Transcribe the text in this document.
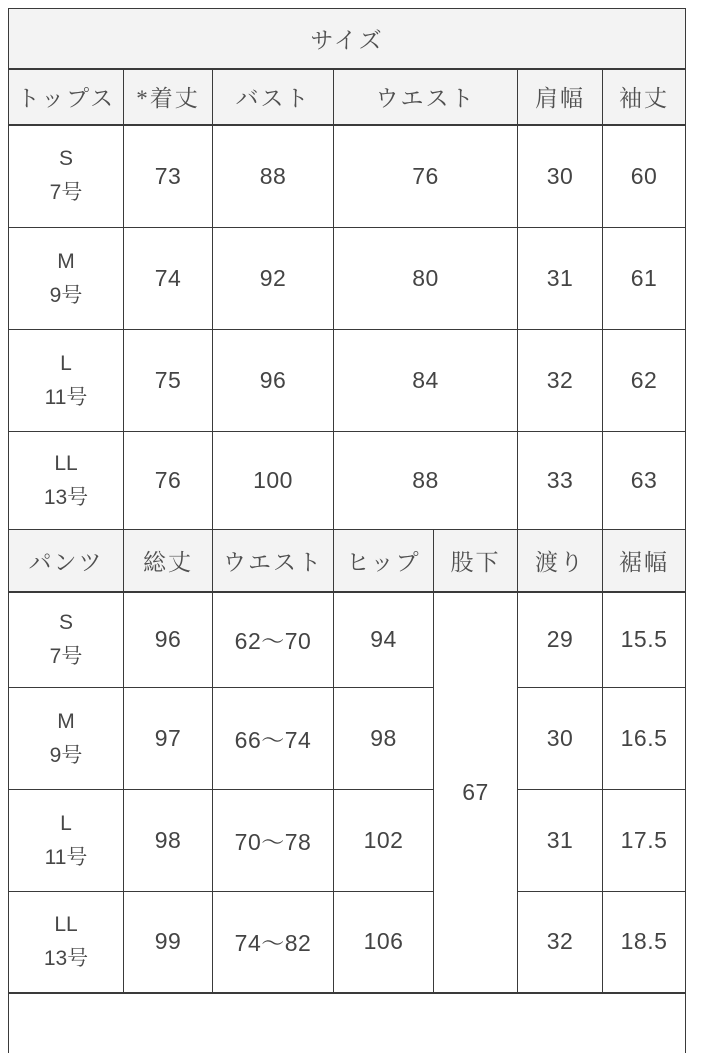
サイズ						
トップス	*着丈	バスト	ウエスト		肩幅	袖丈

S
7号	73	88	76		30	60

M
9号	74	92	80		31	61

L
11号	75	96	84		32	62

LL
13号	76	100	88		33	63
パンツ	総丈	ウエスト	ヒップ	股下	渡り	裾幅

S
7号	96	62〜70	94	67	29	15.5

M
9号	97	66〜74	98		30	16.5

L
11号	98	70〜78	102		31	17.5

LL
13号	99	74〜82	106		32	18.5
